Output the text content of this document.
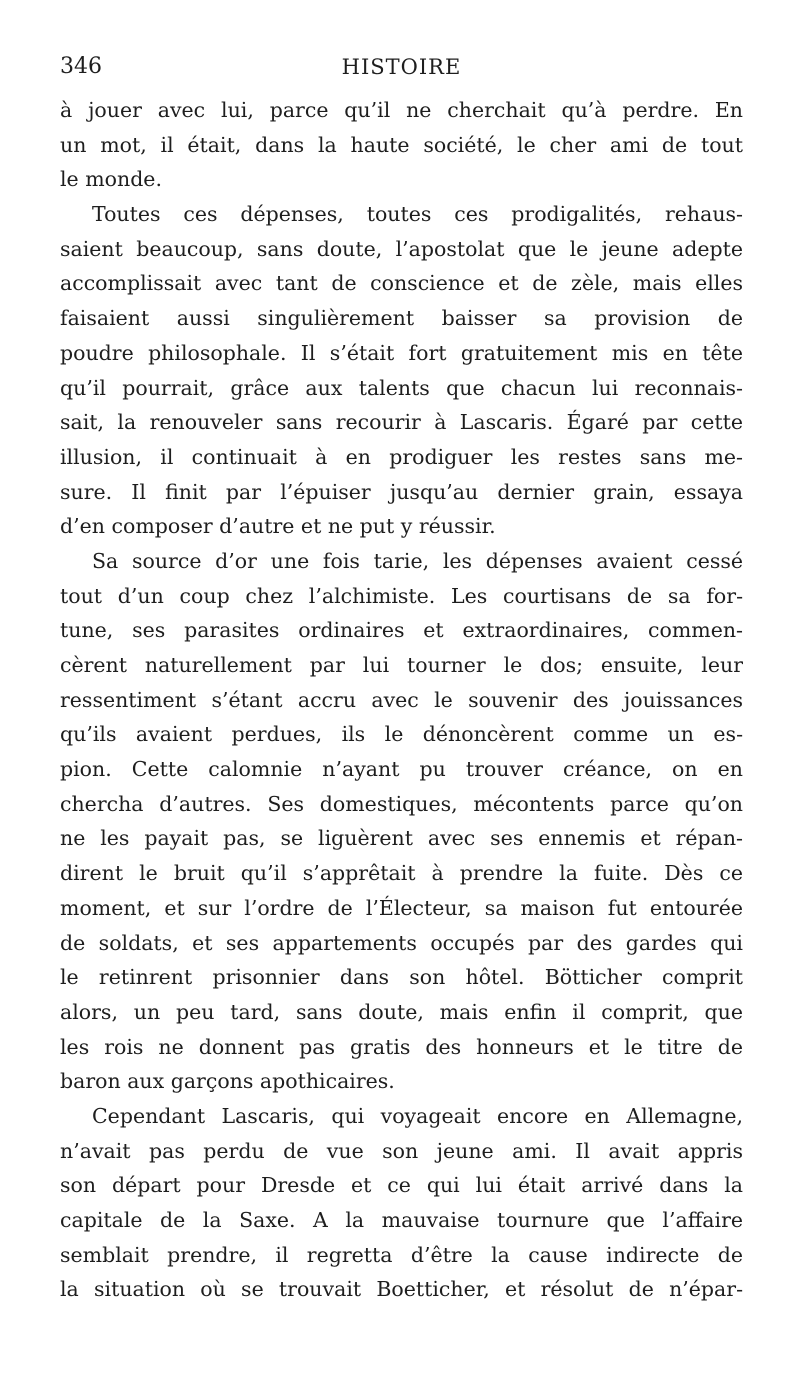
346	HISTOIRE
à jouer avec lui, parce qu’il ne cherchait qu’à perdre. En
un mot, il était, dans la haute société, le cher ami de tout
le monde.
Toutes ces dépenses, toutes ces prodigalités, rehaus-
saient beaucoup, sans doute, l’apostolat que le jeune adepte
accomplissait avec tant de conscience et de zèle, mais elles
faisaient aussi singulièrement baisser sa provision de
poudre philosophale. Il s’était fort gratuitement mis en tête
qu’il pourrait, grâce aux talents que chacun lui reconnais-
sait, la renouveler sans recourir à Lascaris. Égaré par cette
illusion, il continuait à en prodiguer les restes sans me-
sure. Il finit par l’épuiser jusqu’au dernier grain, essaya
d’en composer d’autre et ne put y réussir.
Sa source d’or une fois tarie, les dépenses avaient cessé
tout d’un coup chez l’alchimiste. Les courtisans de sa for-
tune, ses parasites ordinaires et extraordinaires, commen-
cèrent naturellement par lui tourner le dos; ensuite, leur
ressentiment s’étant accru avec le souvenir des jouissances
qu’ils avaient perdues, ils le dénoncèrent comme un es-
pion. Cette calomnie n’ayant pu trouver créance, on en
chercha d’autres. Ses domestiques, mécontents parce qu’on
ne les payait pas, se liguèrent avec ses ennemis et répan-
dirent le bruit qu’il s’apprêtait à prendre la fuite. Dès ce
moment, et sur l’ordre de l’Électeur, sa maison fut entourée
de soldats, et ses appartements occupés par des gardes qui
le retinrent prisonnier dans son hôtel. Bötticher comprit
alors, un peu tard, sans doute, mais enfin il comprit, que
les rois ne donnent pas gratis des honneurs et le titre de
baron aux garçons apothicaires.
Cependant Lascaris, qui voyageait encore en Allemagne,
n’avait pas perdu de vue son jeune ami. Il avait appris
son départ pour Dresde et ce qui lui était arrivé dans la
capitale de la Saxe. A la mauvaise tournure que l’affaire
semblait prendre, il regretta d’être la cause indirecte de
la situation où se trouvait Boetticher, et résolut de n’épar-
